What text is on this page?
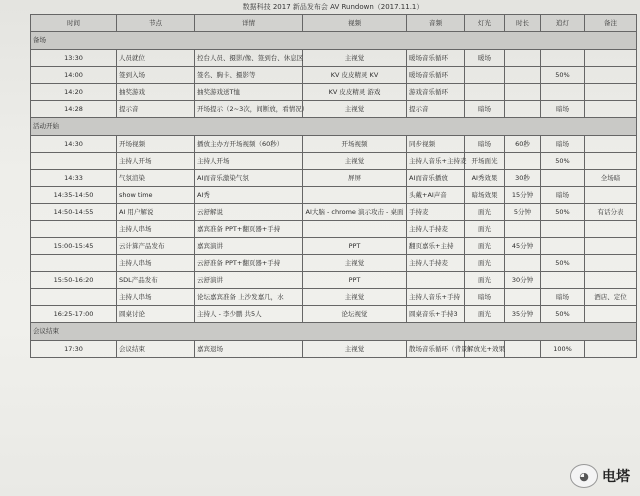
数据科技 2017 新品发布会 AV Rundown（2017.11.1）
时间	节点	详情	视频	音频	灯光	时长	追灯	备注
备场								
13:30	人员就位	控台人员、摄影/像、签到台、休息区	主视觉	暖场音乐循环	暖场			
14:00	签到入场	签名、胸卡、摄影等	KV 皮皮精灵 KV	暖场音乐循环			50%	
14:20	抽奖游戏	抽奖游戏送T恤	KV 皮皮精灵 游戏	游戏音乐循环				
14:28	提示音	开场提示（2~3次，间断放，看情况）	主视觉	提示音	暗场		暗场	
活动开始								
14:30	开场视频	播放主办方开场视频（60秒）	开场视频	同步视频	暗场	60秒	暗场	
	主持人开场	主持人开场	主视觉	主持人音乐+主持麦	开场面光		50%	
14:33	气氛渲染	AI而音乐激染气氛	屏屏	AI而音乐播放	AI秀效果	30秒		全场暗
14:35-14:50	show time	AI秀		头戴+AI声音	暗场效果	15分钟	暗场	
14:50-14:55	AI 用户解说	云舒解说	AI大脑 - chrome 演示攻击 - 桌面	手持麦	面光	5分钟	50%	有话分表
	主持人串场	嘉宾准备 PPT+翻页器+手持		主持人手持麦	面光			
15:00-15:45	云计算产品发布	嘉宾演讲	PPT	翻页嘉乐+主持	面光	45分钟		
	主持人串场	云舒准备 PPT+翻页器+手持	主视觉	主持人手持麦	面光		50%	
15:50-16:20	SDL产品发布	云舒演讲	PPT		面光	30分钟		
	主持人串场	论坛嘉宾准备 上沙发嘉几，水	主视觉	主持人音乐+手持	暗场		暗场	酒店、定位
16:25-17:00	圆桌讨论	主持人 - 李少鹏 共5人	论坛视觉	圆桌音乐+手持3	面光	35分钟	50%	
会议结束								
17:30	会议结束	嘉宾退场	主视觉	散场音乐循环（背景）	解放光+效果		100%	
◕ 电塔
